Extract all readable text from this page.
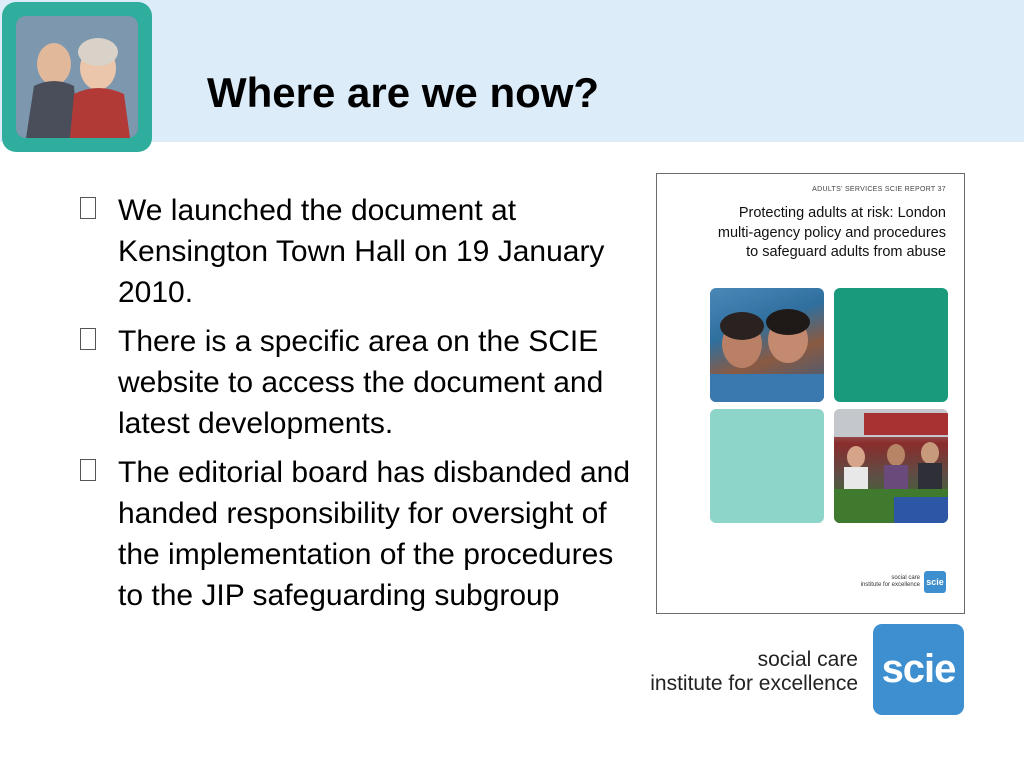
Where are we now?
We launched the document at Kensington Town Hall on 19 January 2010.
There is a specific area on the SCIE website to access the document and latest developments.
The editorial board has disbanded and handed responsibility for oversight of the implementation of the procedures to the JIP safeguarding subgroup
ADULTS' SERVICES SCIE REPORT 37
Protecting adults at risk: London multi-agency policy and procedures to safeguard adults from abuse
social care
institute for excellence scie
social care
institute for excellence scie
